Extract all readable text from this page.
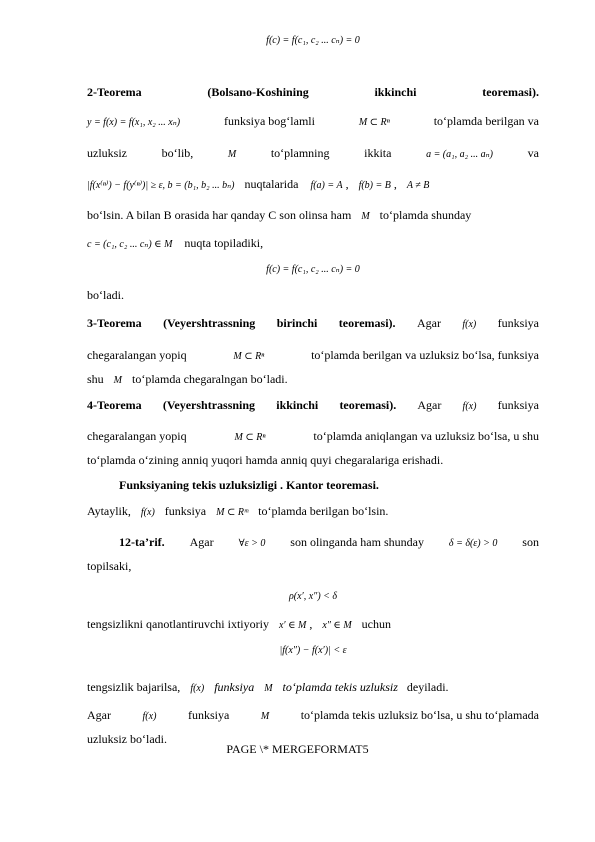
f(c) = f(c₁, c₂ ... cₙ) = 0
2-Teorema	(Bolsano-Koshining	ikkinchi	teoremasi).
y = f(x) = f(x₁, x₂ ... xₙ)	funksiya bog‘lamli	M ⊂ Rⁿ	to‘plamda berilgan va
uzluksiz	bo‘lib,	M	to‘plamning	ikkita	a = (a₁, a₂ ... aₙ)	va
|f(x⁽ⁿ⁾) − f(y⁽ⁿ⁾)| ≥ ε, b = (b₁, b₂ ... bₙ) nuqtalarida f(a) = A , f(b) = B , A ≠ B
bo‘lsin. A bilan B orasida har qanday C son olinsa ham M to‘plamda shunday
c = (c₁, c₂ ... cₙ) ∈ M nuqta topiladiki,
f(c) = f(c₁, c₂ ... cₙ) = 0
bo‘ladi.
3-Teorema (Veyershtrassning birinchi teoremasi). Agar f(x) funksiya
chegaralangan yopiq	M ⊂ Rⁿ	to‘plamda berilgan va uzluksiz bo‘lsa, funksiya
shu M to‘plamda chegaralngan bo‘ladi.
4-Teorema (Veyershtrassning ikkinchi teoremasi). Agar f(x) funksiya
chegaralangan yopiq	M ⊂ Rⁿ	to‘plamda aniqlangan va uzluksiz bo‘lsa, u shu
to‘plamda o‘zining anniq yuqori hamda anniq quyi chegaralariga erishadi.
Funksiyaning tekis uzluksizligi . Kantor teoremasi.
Aytaylik, f(x) funksiya M ⊂ Rᵐ to‘plamda berilgan bo‘lsin.
12-ta’rif. Agar ∀ε > 0 son olinganda ham shunday δ = δ(ε) > 0 son
topilsaki,
ρ(x′, x″) < δ
tengsizlikni qanotlantiruvchi ixtiyoriy x′ ∈ M , x″ ∈ M uchun
|f(x″) − f(x′)| < ε
tengsizlik bajarilsa, f(x) funksiya M to‘plamda tekis uzluksiz deyiladi.
Agar	f(x)	funksiya	M	to‘plamda tekis uzluksiz bo‘lsa, u shu to‘plamada
uzluksiz bo‘ladi.
PAGE \* MERGEFORMAT5
